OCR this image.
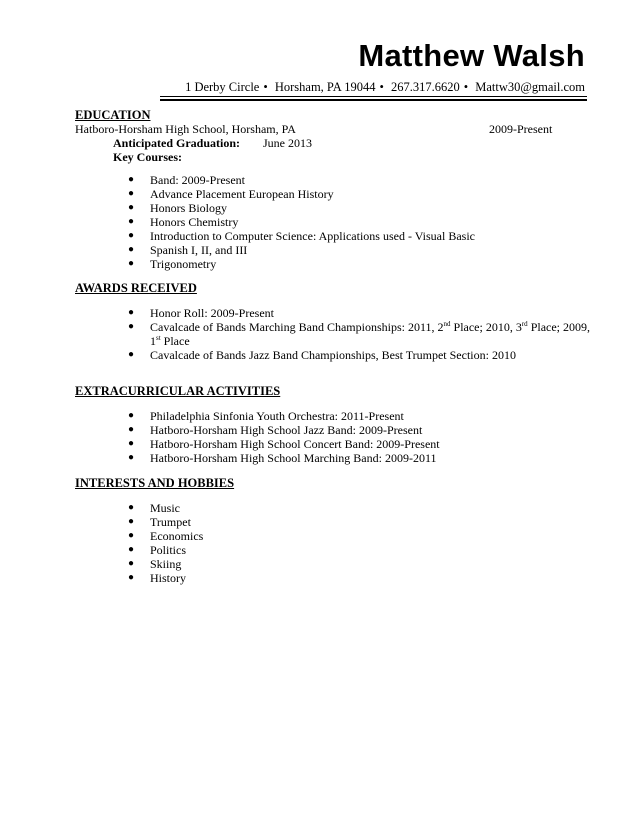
Matthew Walsh
1 Derby Circle • Horsham, PA 19044 • 267.317.6620 • Mattw30@gmail.com
EDUCATION
Hatboro-Horsham High School, Horsham, PA	2009-Present
Anticipated Graduation: June 2013
Key Courses:
● Band: 2009-Present
● Advance Placement European History
● Honors Biology
● Honors Chemistry
● Introduction to Computer Science: Applications used - Visual Basic
● Spanish I, II, and III
● Trigonometry
AWARDS RECEIVED
● Honor Roll: 2009-Present
● Cavalcade of Bands Marching Band Championships: 2011, 2nd Place; 2010, 3rd Place; 2009,
1st Place
● Cavalcade of Bands Jazz Band Championships, Best Trumpet Section: 2010
EXTRACURRICULAR ACTIVITIES
● Philadelphia Sinfonia Youth Orchestra: 2011-Present
● Hatboro-Horsham High School Jazz Band: 2009-Present
● Hatboro-Horsham High School Concert Band: 2009-Present
● Hatboro-Horsham High School Marching Band: 2009-2011
INTERESTS AND HOBBIES
● Music
● Trumpet
● Economics
● Politics
● Skiing
● History
